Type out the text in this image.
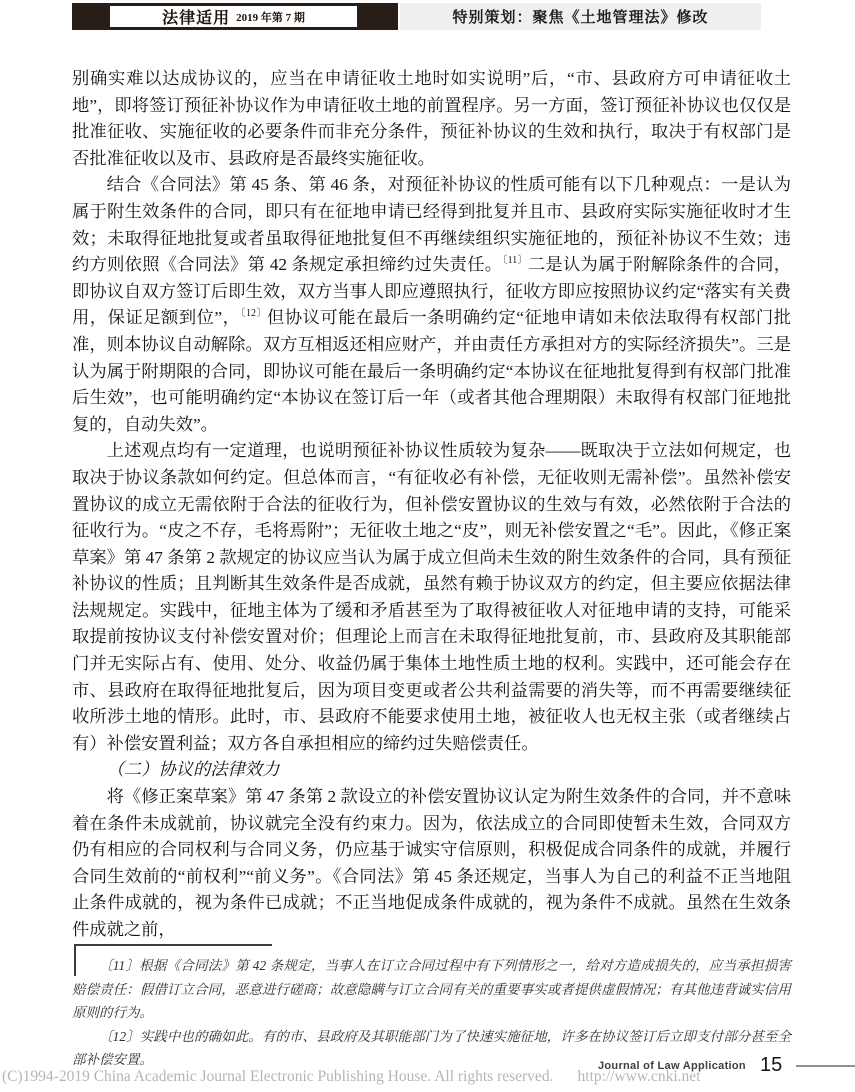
法律适用 2019 年第 7 期	特别策划：聚焦《土地管理法》修改

别确实难以达成协议的，应当在申请征收土地时如实说明”后，“市、县政府方可申请征收土地”，即将签订预征补协议作为申请征收土地的前置程序。另一方面，签订预征补协议也仅仅是批准征收、实施征收的必要条件而非充分条件，预征补协议的生效和执行，取决于有权部门是否批准征收以及市、县政府是否最终实施征收。

结合《合同法》第 45 条、第 46 条，对预征补协议的性质可能有以下几种观点：一是认为属于附生效条件的合同，即只有在征地申请已经得到批复并且市、县政府实际实施征收时才生效；未取得征地批复或者虽取得征地批复但不再继续组织实施征地的，预征补协议不生效；违约方则依照《合同法》第 42 条规定承担缔约过失责任。$^{〔11〕}$二是认为属于附解除条件的合同，即协议自双方签订后即生效，双方当事人即应遵照执行，征收方即应按照协议约定“落实有关费用，保证足额到位”，$^{〔12〕}$但协议可能在最后一条明确约定“征地申请如未依法取得有权部门批准，则本协议自动解除。双方互相返还相应财产，并由责任方承担对方的实际经济损失”。三是认为属于附期限的合同，即协议可能在最后一条明确约定“本协议在征地批复得到有权部门批准后生效”，也可能明确约定“本协议在签订后一年（或者其他合理期限）未取得有权部门征地批复的，自动失效”。

上述观点均有一定道理，也说明预征补协议性质较为复杂——既取决于立法如何规定，也取决于协议条款如何约定。但总体而言，“有征收必有补偿，无征收则无需补偿”。虽然补偿安置协议的成立无需依附于合法的征收行为，但补偿安置协议的生效与有效，必然依附于合法的征收行为。“皮之不存，毛将焉附”；无征收土地之“皮”，则无补偿安置之“毛”。因此，《修正案草案》第 47 条第 2 款规定的协议应当认为属于成立但尚未生效的附生效条件的合同，具有预征补协议的性质；且判断其生效条件是否成就，虽然有赖于协议双方的约定，但主要应依据法律法规规定。实践中，征地主体为了缓和矛盾甚至为了取得被征收人对征地申请的支持，可能采取提前按协议支付补偿安置对价；但理论上而言在未取得征地批复前，市、县政府及其职能部门并无实际占有、使用、处分、收益仍属于集体土地性质土地的权利。实践中，还可能会存在市、县政府在取得征地批复后，因为项目变更或者公共利益需要的消失等，而不再需要继续征收所涉土地的情形。此时，市、县政府不能要求使用土地，被征收人也无权主张（或者继续占有）补偿安置利益；双方各自承担相应的缔约过失赔偿责任。

（二）协议的法律效力

将《修正案草案》第 47 条第 2 款设立的补偿安置协议认定为附生效条件的合同，并不意味着在条件未成就前，协议就完全没有约束力。因为，依法成立的合同即使暂未生效，合同双方仍有相应的合同权利与合同义务，仍应基于诚实守信原则，积极促成合同条件的成就，并履行合同生效前的“前权利”“前义务”。《合同法》第 45 条还规定，当事人为自己的利益不正当地阻止条件成就的，视为条件已成就；不正当地促成条件成就的，视为条件不成就。虽然在生效条件成就之前，

〔11〕根据《合同法》第 42 条规定，当事人在订立合同过程中有下列情形之一，给对方造成损失的，应当承担损害赔偿责任：假借订立合同，恶意进行磋商；故意隐瞒与订立合同有关的重要事实或者提供虚假情况；有其他违背诚实信用原则的行为。

〔12〕实践中也的确如此。有的市、县政府及其职能部门为了快速实施征地，许多在协议签订后立即支付部分甚至全部补偿安置。	Journal of Law Application 15
(C)1994-2019 China Academic Journal Electronic Publishing House. All rights reserved. http://www.cnki.net
